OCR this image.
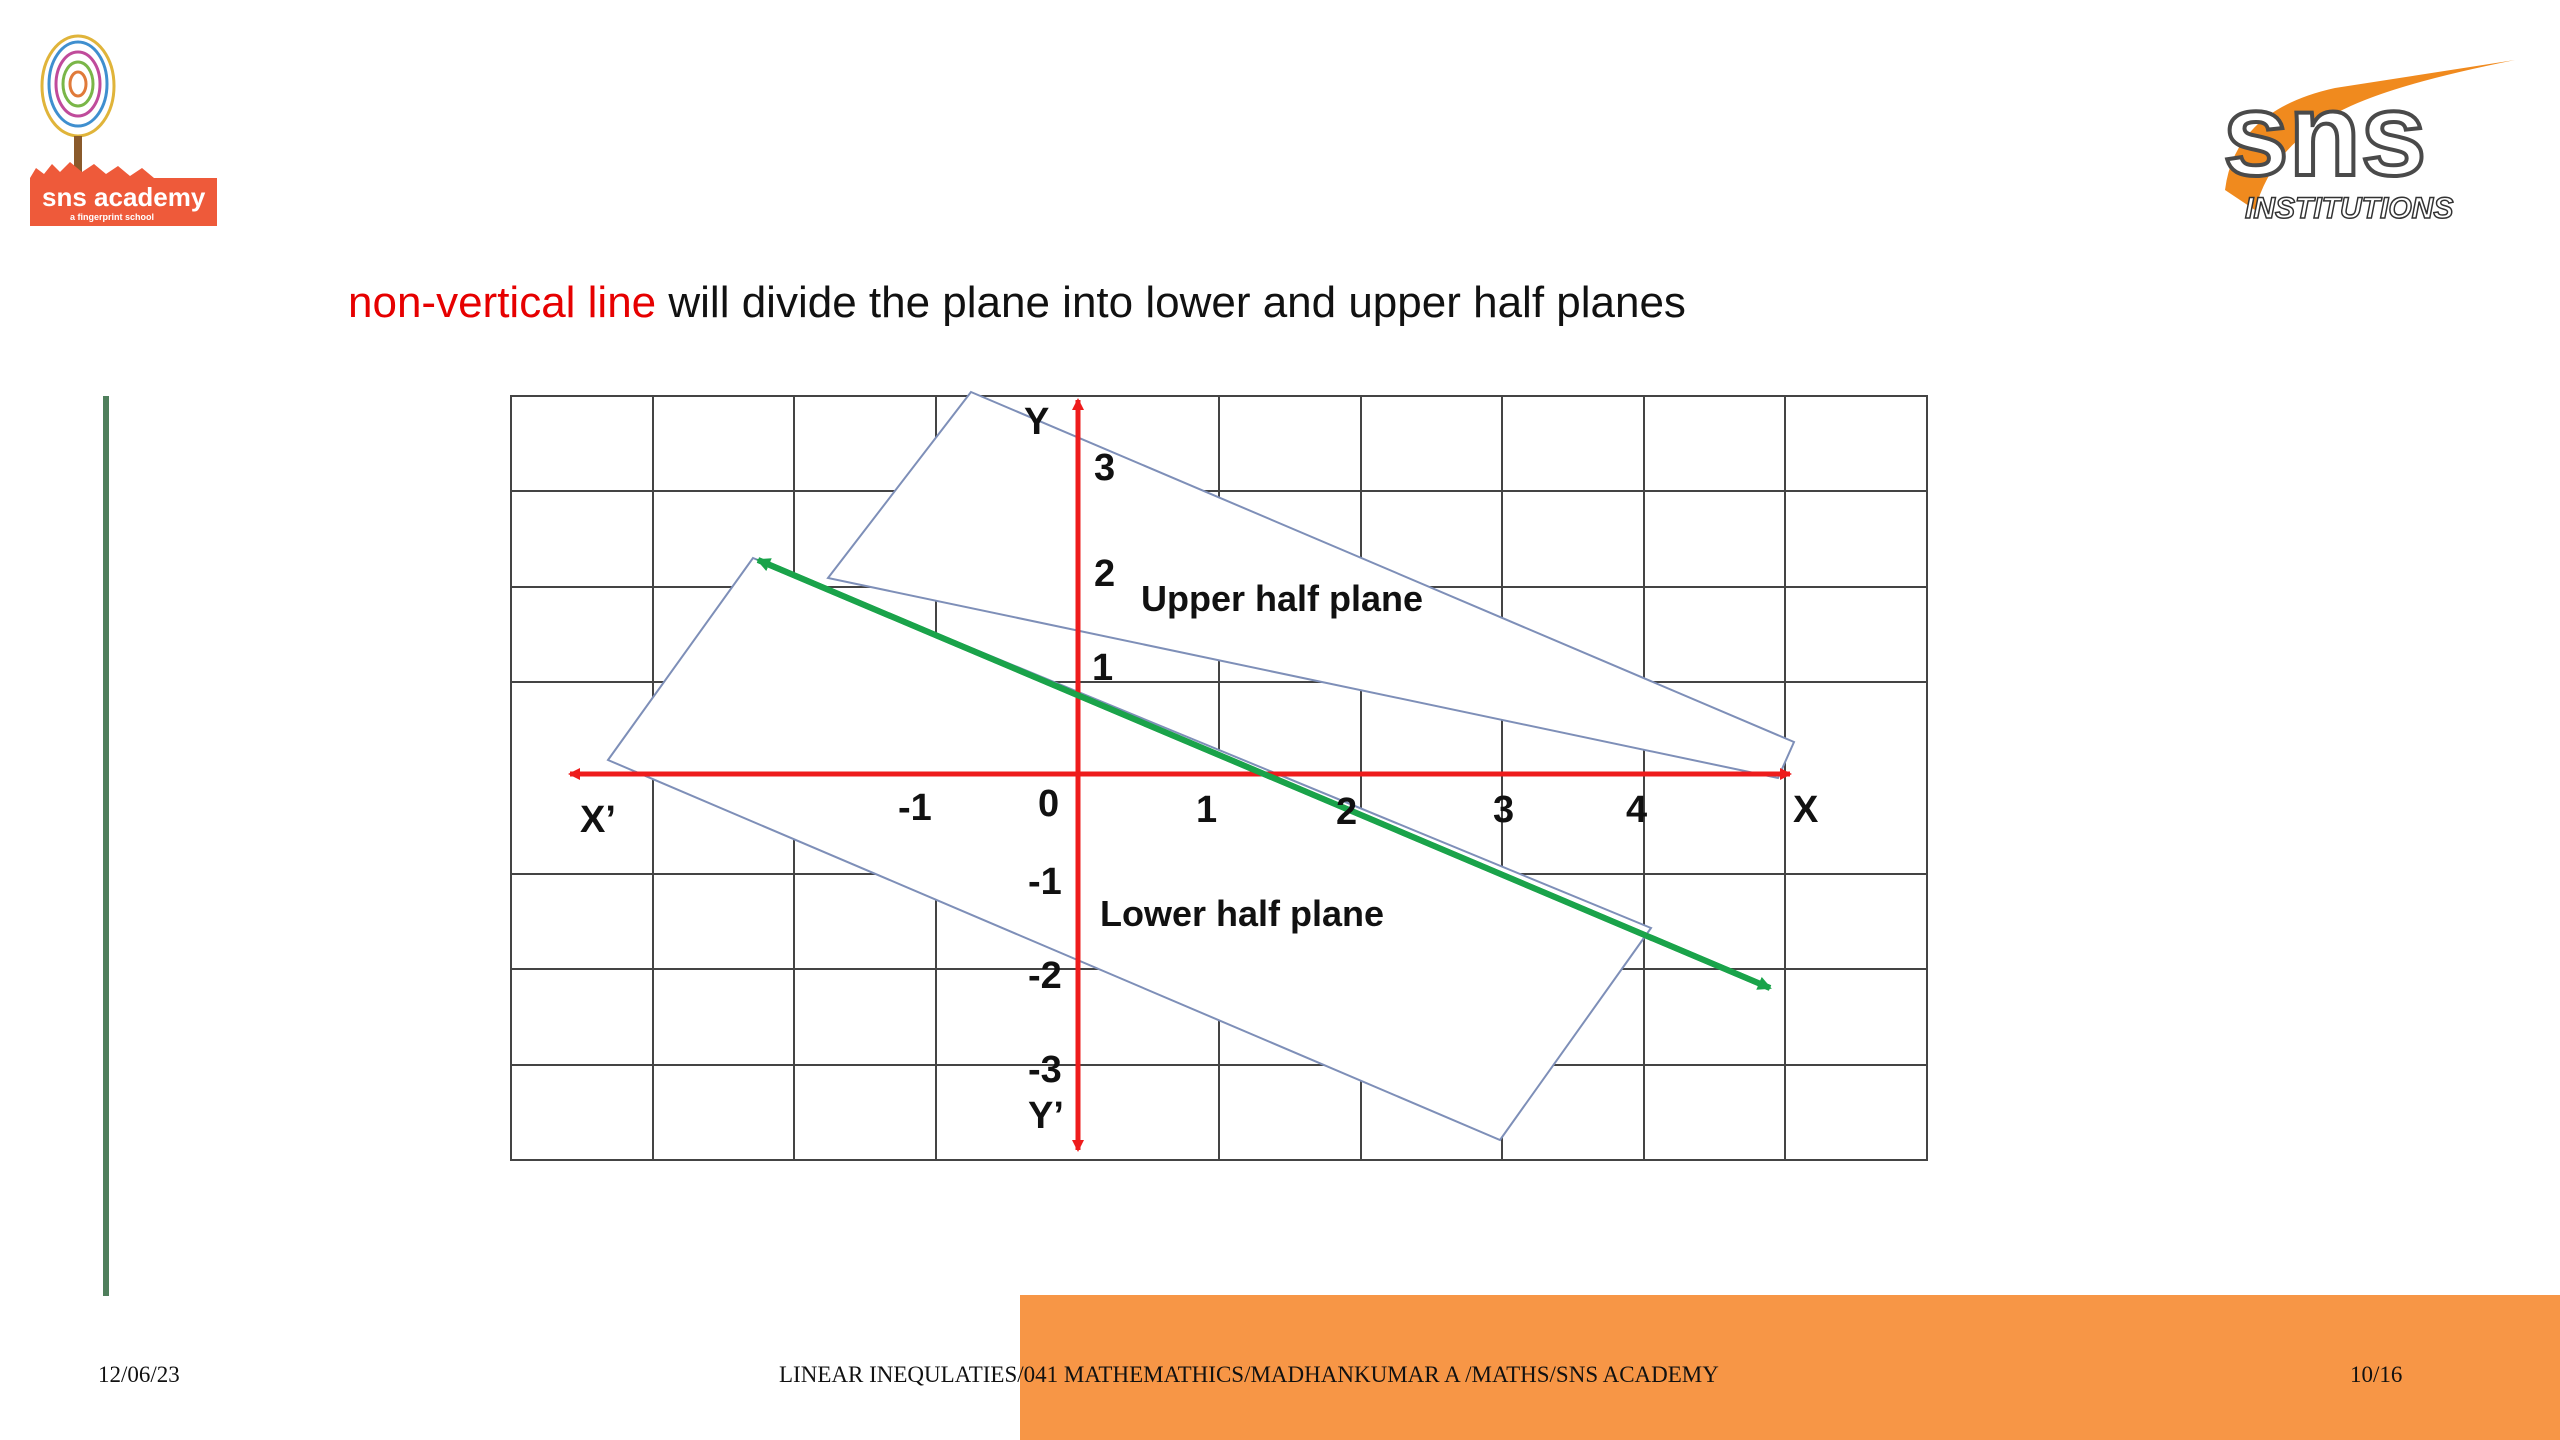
sns academy
a fingerprint school
sns
INSTITUTIONS
non-vertical line will divide the plane into lower and upper half planes
X
X’
Y
Y’
0
-1	1	2	3	4
3
2
1
-1
-2
-3
Upper half plane
Lower half plane
12/06/23	LINEAR INEQULATIES/041 MATHEMATHICS/MADHANKUMAR A /MATHS/SNS ACADEMY	10/16
